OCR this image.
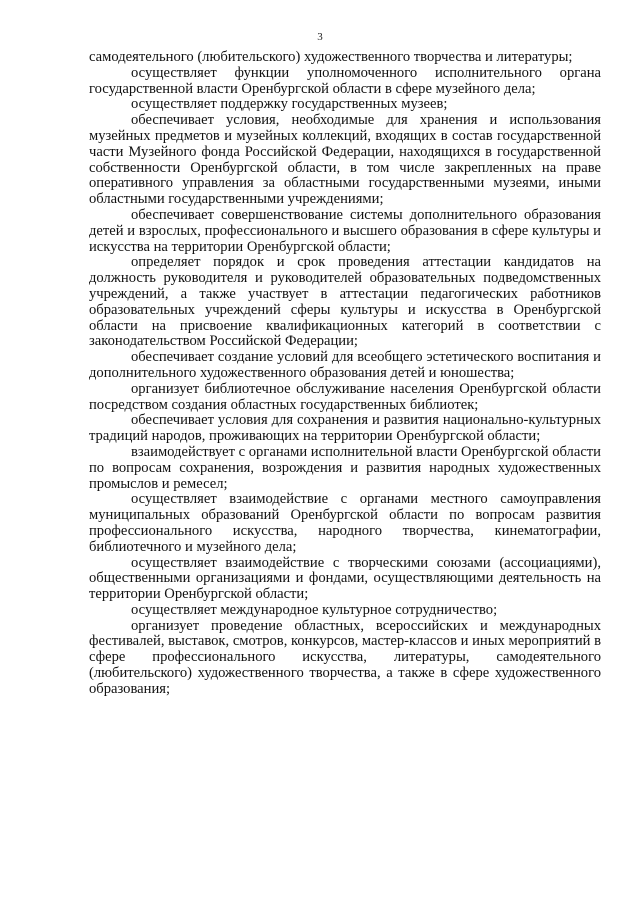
3

самодеятельного (любительского) художественного творчества и литературы;

осуществляет функции уполномоченного исполнительного органа государственной власти Оренбургской области в сфере музейного дела;

осуществляет поддержку государственных музеев;

обеспечивает условия, необходимые для хранения и использования музейных предметов и музейных коллекций, входящих в состав государственной части Музейного фонда Российской Федерации, находящихся в государственной собственности Оренбургской области, в том числе закрепленных на праве оперативного управления за областными государственными музеями, иными областными государственными учреждениями;

обеспечивает совершенствование системы дополнительного образования детей и взрослых, профессионального и высшего образования в сфере культуры и искусства на территории Оренбургской области;

определяет порядок и срок проведения аттестации кандидатов на должность руководителя и руководителей образовательных подведомственных учреждений, а также участвует в аттестации педагогических работников образовательных учреждений сферы культуры и искусства в Оренбургской области на присвоение квалификационных категорий в соответствии с законодательством Российской Федерации;

обеспечивает создание условий для всеобщего эстетического воспитания и дополнительного художественного образования детей и юношества;

организует библиотечное обслуживание населения Оренбургской области посредством создания областных государственных библиотек;

обеспечивает условия для сохранения и развития национально-культурных традиций народов, проживающих на территории Оренбургской области;

взаимодействует с органами исполнительной власти Оренбургской области по вопросам сохранения, возрождения и развития народных художественных промыслов и ремесел;

осуществляет взаимодействие с органами местного самоуправления муниципальных образований Оренбургской области по вопросам развития профессионального искусства, народного творчества, кинематографии, библиотечного и музейного дела;

осуществляет взаимодействие с творческими союзами (ассоциациями), общественными организациями и фондами, осуществляющими деятельность на территории Оренбургской области;

осуществляет международное культурное сотрудничество;

организует проведение областных, всероссийских и международных фестивалей, выставок, смотров, конкурсов, мастер-классов и иных мероприятий в сфере профессионального искусства, литературы, самодеятельного (любительского) художественного творчества, а также в сфере художественного образования;
